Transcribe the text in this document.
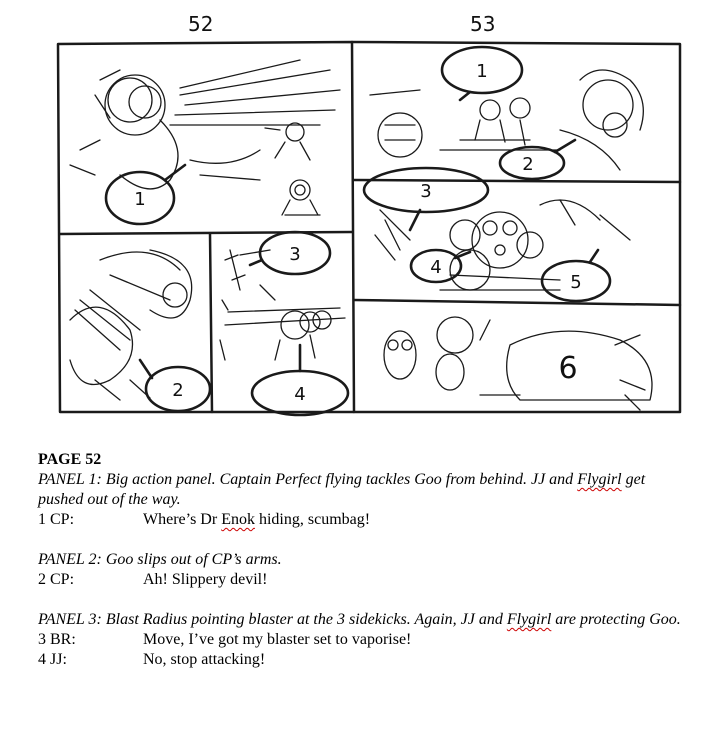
52	53
1
2
3
4
1
2
3
4
5
6
PAGE 52
PANEL 1: Big action panel. Captain Perfect flying tackles Goo from behind. JJ and Flygirl get pushed out of the way.
1 CP:	Where’s Dr Enok hiding, scumbag!
PANEL 2: Goo slips out of CP’s arms.
2 CP:	Ah! Slippery devil!
PANEL 3: Blast Radius pointing blaster at the 3 sidekicks. Again, JJ and Flygirl are protecting Goo.
3 BR:	Move, I’ve got my blaster set to vaporise!
4 JJ:	No, stop attacking!
